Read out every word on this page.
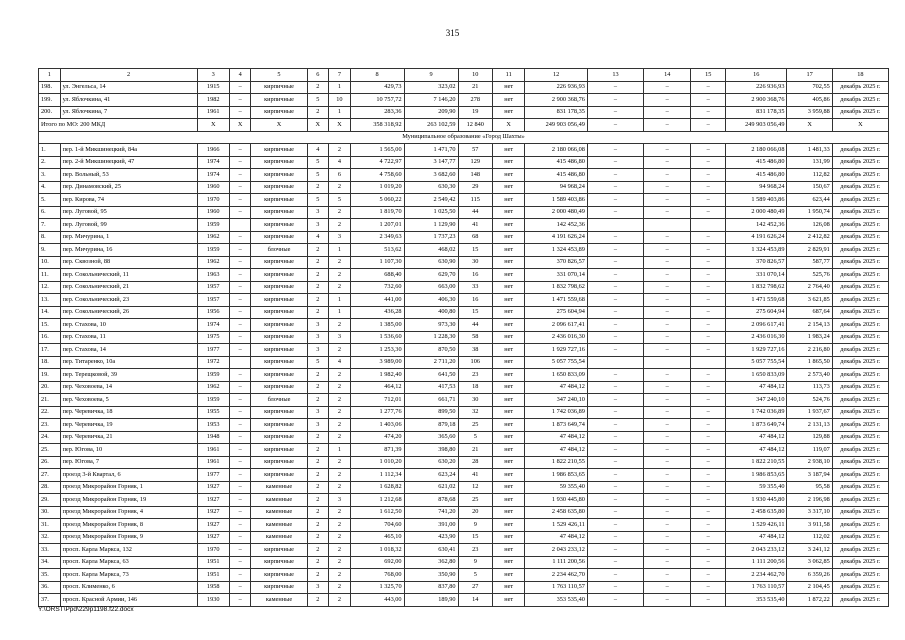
315
1	2	3	4	5	6	7	8	9	10	11	12	13	14	15	16	17	18
198.	ул. Энгельса, 14	1915	–	кирпичные	2	1	429,73	323,02	21	нет	226 936,93	–	–	–	226 936,93	702,55	декабрь 2025 г.
199.	ул. Яблочкина, 41	1982	–	кирпичные	5	10	10 757,72	7 146,20	278	нет	2 900 368,76	–	–	–	2 900 368,76	405,86	декабрь 2025 г.
200.	ул. Яблочкина, 7	1961	–	кирпичные	2	1	283,36	209,90	19	нет	831 178,35	–	–	–	831 178,35	3 959,88	декабрь 2025 г.
Итого по МО: 200 МКД		Х	Х	Х	Х	Х	358 318,92	263 102,59	12 840	Х	249 903 056,49	–	–	–	249 903 056,49	Х	Х
Муниципальное образование «Город Шахты»																	
1.	пер. 1-й Микшинецкий, 84а	1966	–	кирпичные	4	2	1 565,00	1 471,70	57	нет	2 180 066,08	–	–	–	2 180 066,08	1 481,33	декабрь 2025 г.
2.	пер. 2-й Микшинецкий, 47	1974	–	кирпичные	5	4	4 722,97	3 147,77	129	нет	415 486,80	–	–	–	415 486,80	131,99	декабрь 2025 г.
3.	пер. Вольный, 53	1974	–	кирпичные	5	6	4 758,60	3 682,60	148	нет	415 486,80	–	–	–	415 486,80	112,82	декабрь 2025 г.
4.	пер. Динамовский, 25	1960	–	кирпичные	2	2	1 019,20	630,30	29	нет	94 968,24	–	–	–	94 968,24	150,67	декабрь 2025 г.
5.	пер. Кирова, 74	1970	–	кирпичные	5	5	5 060,22	2 549,42	115	нет	1 589 403,86	–	–	–	1 589 403,86	623,44	декабрь 2025 г.
6.	пер. Луговой, 95	1960	–	кирпичные	3	2	1 819,70	1 025,50	44	нет	2 000 480,49	–	–	–	2 000 480,49	1 950,74	декабрь 2025 г.
7.	пер. Луговой, 99	1959		кирпичные	3	2	1 207,01	1 129,90	41	нет	142 452,36				142 452,36	126,08	декабрь 2025 г.
8.	пер. Мичурина, 1	1962	–	кирпичные	4	3	2 349,63	1 737,23	68	нет	4 191 626,24	–	–	–	4 191 626,24	2 412,82	декабрь 2025 г.
9.	пер. Мичурина, 16	1959	–	блочные	2	1	513,62	468,02	15	нет	1 324 453,89	–	–	–	1 324 453,89	2 829,91	декабрь 2025 г.
10.	пер. Сквозной, 88	1962	–	кирпичные	2	2	1 107,30	630,90	30	нет	370 826,57	–	–	–	370 826,57	587,77	декабрь 2025 г.
11.	пер. Сокольнический, 11	1963	–	кирпичные	2	2	688,40	629,70	16	нет	331 070,14	–	–	–	331 070,14	525,76	декабрь 2025 г.
12.	пер. Сокольнический, 21	1957	–	кирпичные	2	2	732,60	663,00	33	нет	1 832 798,62	–	–	–	1 832 798,62	2 764,40	декабрь 2025 г.
13.	пер. Сокольнический, 23	1957	–	кирпичные	2	1	441,00	406,30	16	нет	1 471 559,68	–	–	–	1 471 559,68	3 621,85	декабрь 2025 г.
14.	пер. Сокольнический, 26	1956	–	кирпичные	2	1	436,28	400,80	15	нет	275 604,94	–	–	–	275 604,94	687,64	декабрь 2025 г.
15.	пер. Стахова, 10	1974	–	кирпичные	3	2	1 385,00	973,30	44	нет	2 096 617,41	–	–	–	2 096 617,41	2 154,13	декабрь 2025 г.
16.	пер. Стахова, 11	1975	–	кирпичные	3	3	1 536,60	1 228,30	58	нет	2 436 016,30	–	–	–	2 436 016,30	1 983,24	декабрь 2025 г.
17.	пер. Стахова, 14	1977	–	кирпичные	3	2	1 253,30	870,50	38	нет	1 929 727,16	–	–	–	1 929 727,16	2 216,80	декабрь 2025 г.
18.	пер. Титаренко, 10а	1972		кирпичные	5	4	3 989,00	2 711,20	106	нет	5 057 755,54				5 057 755,54	1 865,50	декабрь 2025 г.
19.	пер. Терещковой, 39	1959	–	кирпичные	2	2	1 982,40	641,50	23	нет	1 650 833,09	–	–	–	1 650 833,09	2 573,40	декабрь 2025 г.
20.	пер. Чеховоева, 14	1962	–	кирпичные	2	2	464,12	417,53	18	нет	47 484,12	–	–	–	47 484,12	113,73	декабрь 2025 г.
21.	пер. Чеховоева, 5	1959	–	блочные	2	2	712,01	661,71	30	нет	347 240,10	–	–	–	347 240,10	524,76	декабрь 2025 г.
22.	пер. Черевичка, 18	1955	–	кирпичные	3	2	1 277,76	899,50	32	нет	1 742 036,89	–	–	–	1 742 036,89	1 937,67	декабрь 2025 г.
23.	пер. Черевичка, 19	1953	–	кирпичные	3	2	1 403,06	879,18	25	нет	1 873 649,74	–	–	–	1 873 649,74	2 131,13	декабрь 2025 г.
24.	пер. Черевичка, 21	1948	–	кирпичные	2	2	474,20	365,60	5	нет	47 484,12	–	–	–	47 484,12	129,88	декабрь 2025 г.
25.	пер. Югова, 10	1961	–	кирпичные	2	1	871,39	398,80	21	нет	47 484,12	–	–	–	47 484,12	119,07	декабрь 2025 г.
26.	пер. Югова, 7	1961	–	кирпичные	2	2	1 010,20	630,20	28	нет	1 822 210,55	–	–	–	1 822 210,55	2 938,10	декабрь 2025 г.
27.	проезд 3-й Квартал, 6	1977	–	кирпичные	2	2	1 112,34	623,24	41	нет	1 986 853,65	–	–	–	1 986 853,65	3 187,94	декабрь 2025 г.
28.	проезд Микрорайон Горняк, 1	1927	–	каменные	2	2	1 628,82	621,02	12	нет	59 355,40	–	–	–	59 355,40	95,58	декабрь 2025 г.
29.	проезд Микрорайон Горняк, 19	1927	–	каменные	2	3	1 212,68	878,68	25	нет	1 930 445,80	–	–	–	1 930 445,80	2 196,98	декабрь 2025 г.
30.	проезд Микрорайон Горняк, 4	1927	–	каменные	2	2	1 612,50	741,20	20	нет	2 458 635,80	–	–	–	2 458 635,80	3 317,10	декабрь 2025 г.
31.	проезд Микрорайон Горняк, 8	1927	–	каменные	2	2	704,60	391,00	9	нет	1 529 426,11	–	–	–	1 529 426,11	3 911,58	декабрь 2025 г.
32.	проезд Микрорайон Горняк, 9	1927	–	каменные	2	2	465,10	423,90	15	нет	47 484,12	–	–	–	47 484,12	112,02	декабрь 2025 г.
33.	просп. Карла Маркса, 132	1970	–	кирпичные	2	2	1 018,32	630,41	23	нет	2 043 233,12	–	–	–	2 043 233,12	3 241,12	декабрь 2025 г.
34.	просп. Карла Маркса, 63	1951	–	кирпичные	2	2	692,00	362,80	9	нет	1 111 200,56	–	–	–	1 111 200,56	3 062,85	декабрь 2025 г.
35.	просп. Карла Маркса, 73	1951	–	кирпичные	2	2	768,00	350,90	5	нет	2 234 462,70	–	–	–	2 234 462,70	6 359,26	декабрь 2025 г.
36.	просп. Клименко, 6	1958	–	кирпичные	3	2	1 325,70	837,80	27	нет	1 763 110,57	–	–	–	1 763 110,57	2 104,45	декабрь 2025 г.
37.	просп. Красной Армии, 146	1930	–	каменные	2	2	443,00	189,90	14	нет	353 535,40	–	–	–	353 535,40	1 872,22	декабрь 2025 г.
Y:\ORST\Ppd\229p1198.f22.docx
